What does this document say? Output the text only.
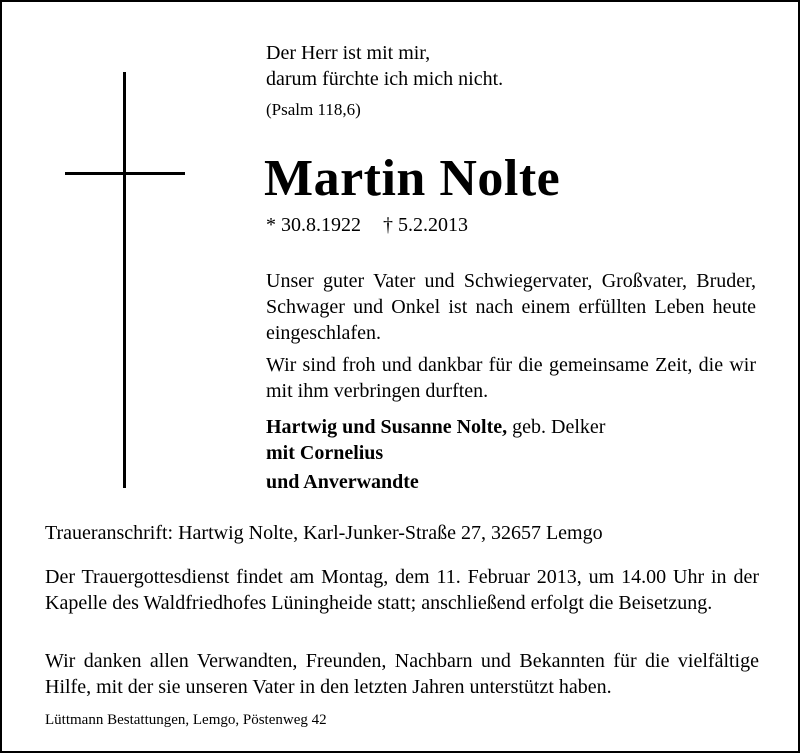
Der Herr ist mit mir,
darum fürchte ich mich nicht.
(Psalm 118,6)
Martin Nolte
* 30.8.1922 † 5.2.2013
Unser guter Vater und Schwiegervater, Großvater, Bruder, Schwager und Onkel ist nach einem erfüllten Leben heute eingeschlafen.
Wir sind froh und dankbar für die gemeinsame Zeit, die wir mit ihm verbringen durften.
Hartwig und Susanne Nolte, geb. Delker
mit Cornelius
und Anverwandte
Traueranschrift: Hartwig Nolte, Karl-Junker-Straße 27, 32657 Lemgo
Der Trauergottesdienst findet am Montag, dem 11. Februar 2013, um 14.00 Uhr in der Kapelle des Waldfriedhofes Lüningheide statt; anschließend erfolgt die Beisetzung.
Wir danken allen Verwandten, Freunden, Nachbarn und Bekannten für die vielfältige Hilfe, mit der sie unseren Vater in den letzten Jahren unterstützt haben.
Lüttmann Bestattungen, Lemgo, Pöstenweg 42
